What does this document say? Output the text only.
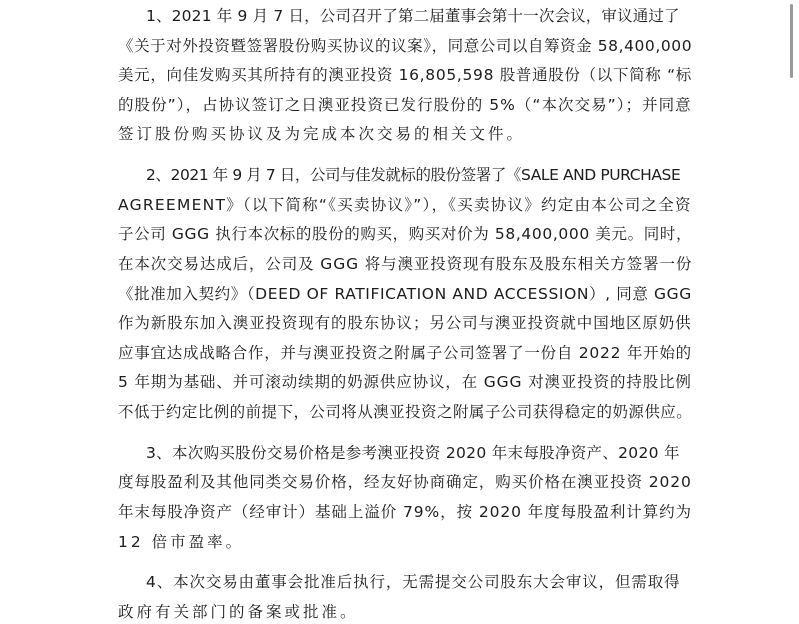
1、2021 年 9 月 7 日，公司召开了第二届董事会第十一次会议，审议通过了
《关于对外投资暨签署股份购买协议的议案》，同意公司以自筹资金 58,400,000
美元，向佳发购买其所持有的澳亚投资 16,805,598 股普通股份（以下简称 “标
的股份”），占协议签订之日澳亚投资已发行股份的 5%（“本次交易”）；并同意
签订股份购买协议及为完成本次交易的相关文件。
2、2021 年 9 月 7 日，公司与佳发就标的股份签署了《SALE AND PURCHASE
AGREEMENT》（以下简称“《买卖协议》”），《买卖协议》约定由本公司之全资
子公司 GGG 执行本次标的股份的购买，购买对价为 58,400,000 美元。同时，
在本次交易达成后，公司及 GGG 将与澳亚投资现有股东及股东相关方签署一份
《批准加入契约》（DEED OF RATIFICATION AND ACCESSION）, 同意 GGG
作为新股东加入澳亚投资现有的股东协议；另公司与澳亚投资就中国地区原奶供
应事宜达成战略合作，并与澳亚投资之附属子公司签署了一份自 2022 年开始的
5 年期为基础、并可滚动续期的奶源供应协议，在 GGG 对澳亚投资的持股比例
不低于约定比例的前提下，公司将从澳亚投资之附属子公司获得稳定的奶源供应。
3、本次购买股份交易价格是参考澳亚投资 2020 年末每股净资产、2020 年
度每股盈利及其他同类交易价格，经友好协商确定，购买价格在澳亚投资 2020
年末每股净资产（经审计）基础上溢价 79%，按 2020 年度每股盈利计算约为
12 倍市盈率。
4、本次交易由董事会批准后执行，无需提交公司股东大会审议，但需取得
政府有关部门的备案或批准。
